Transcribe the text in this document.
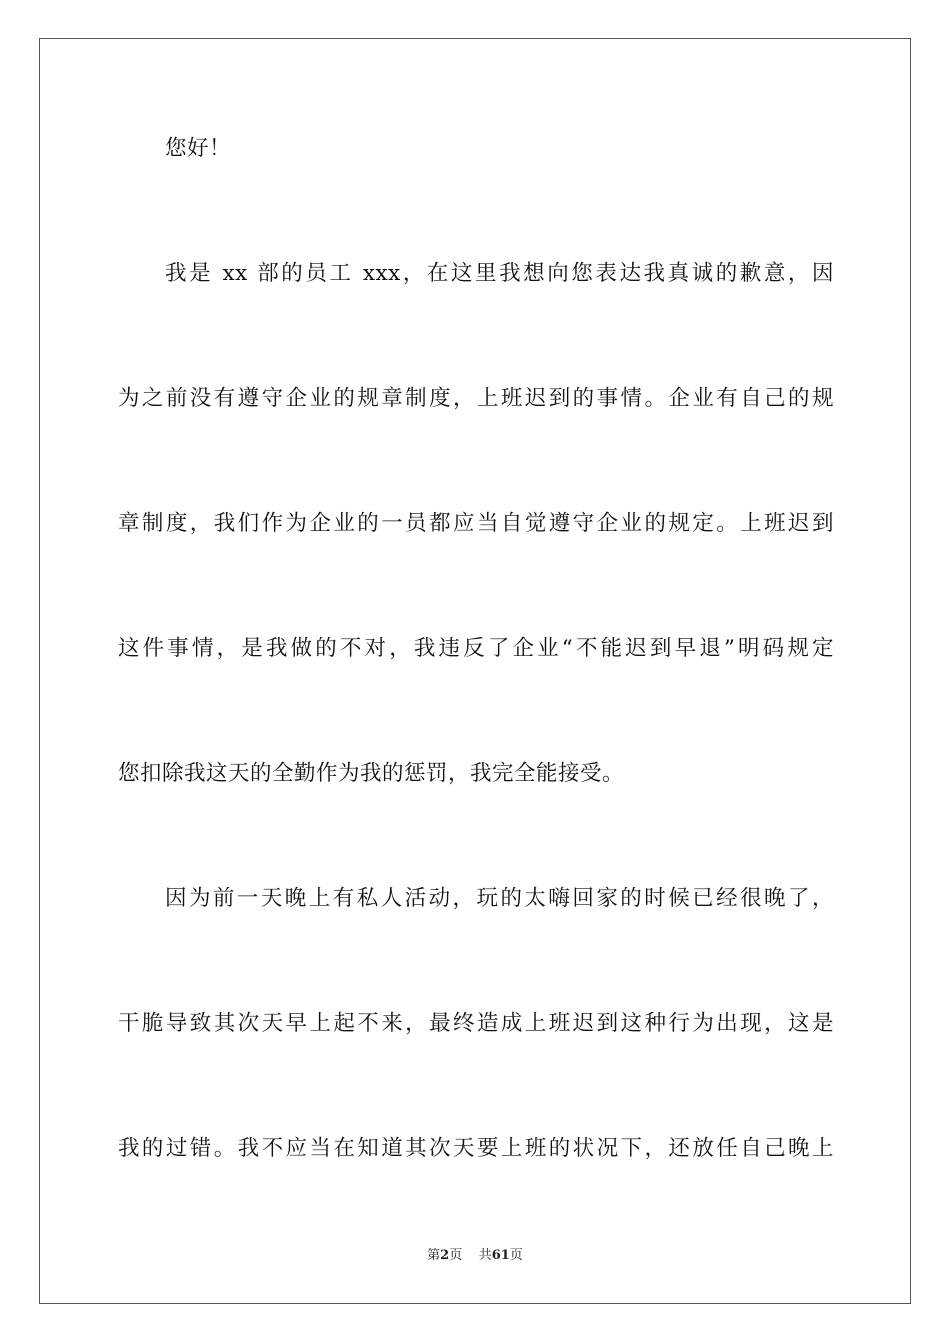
您好！
我是 xx 部的员工 xxx，在这里我想向您表达我真诚的歉意，因
为之前没有遵守企业的规章制度，上班迟到的事情。企业有自己的规
章制度，我们作为企业的一员都应当自觉遵守企业的规定。上班迟到
这件事情，是我做的不对，我违反了企业“不能迟到早退”明码规定
您扣除我这天的全勤作为我的惩罚，我完全能接受。
因为前一天晚上有私人活动，玩的太嗨回家的时候已经很晚了，
干脆导致其次天早上起不来，最终造成上班迟到这种行为出现，这是
我的过错。我不应当在知道其次天要上班的状况下，还放任自己晚上
第2页 共61页
